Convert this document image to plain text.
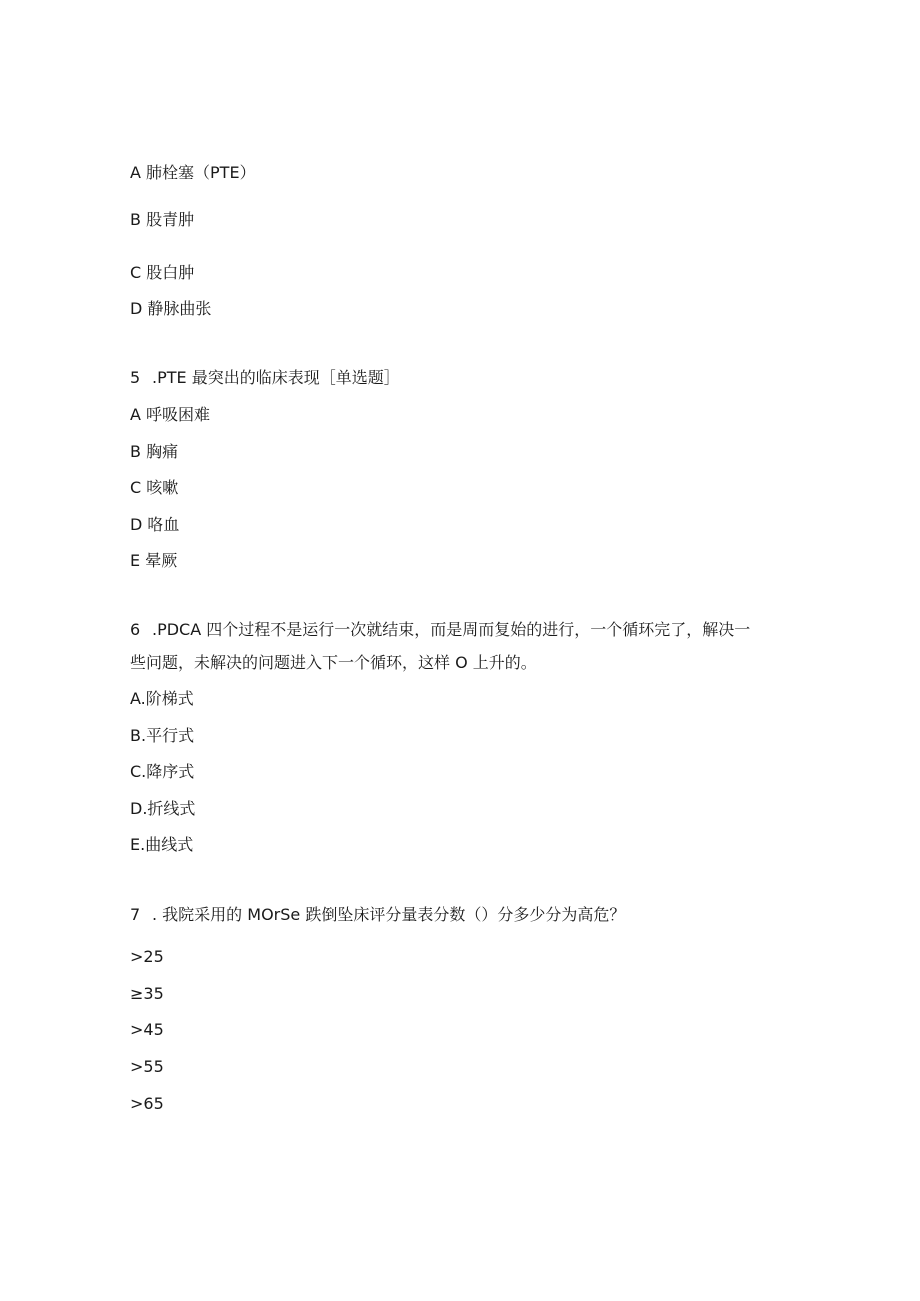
A 肺栓塞（PTE）
B 股青肿
C 股白肿
D 静脉曲张
5 .PTE 最突出的临床表现［单选题］
A 呼吸困难
B 胸痛
C 咳嗽
D 咯血
E 晕厥
6 .PDCA 四个过程不是运行一次就结束，而是周而复始的进行，一个循环完了，解决一
些问题，未解决的问题进入下一个循环，这样 O 上升的。
A.阶梯式
B.平行式
C.降序式
D.折线式
E.曲线式
7 . 我院采用的 MOrSe 跌倒坠床评分量表分数（）分多少分为高危？
>25
≥35
>45
>55
>65
